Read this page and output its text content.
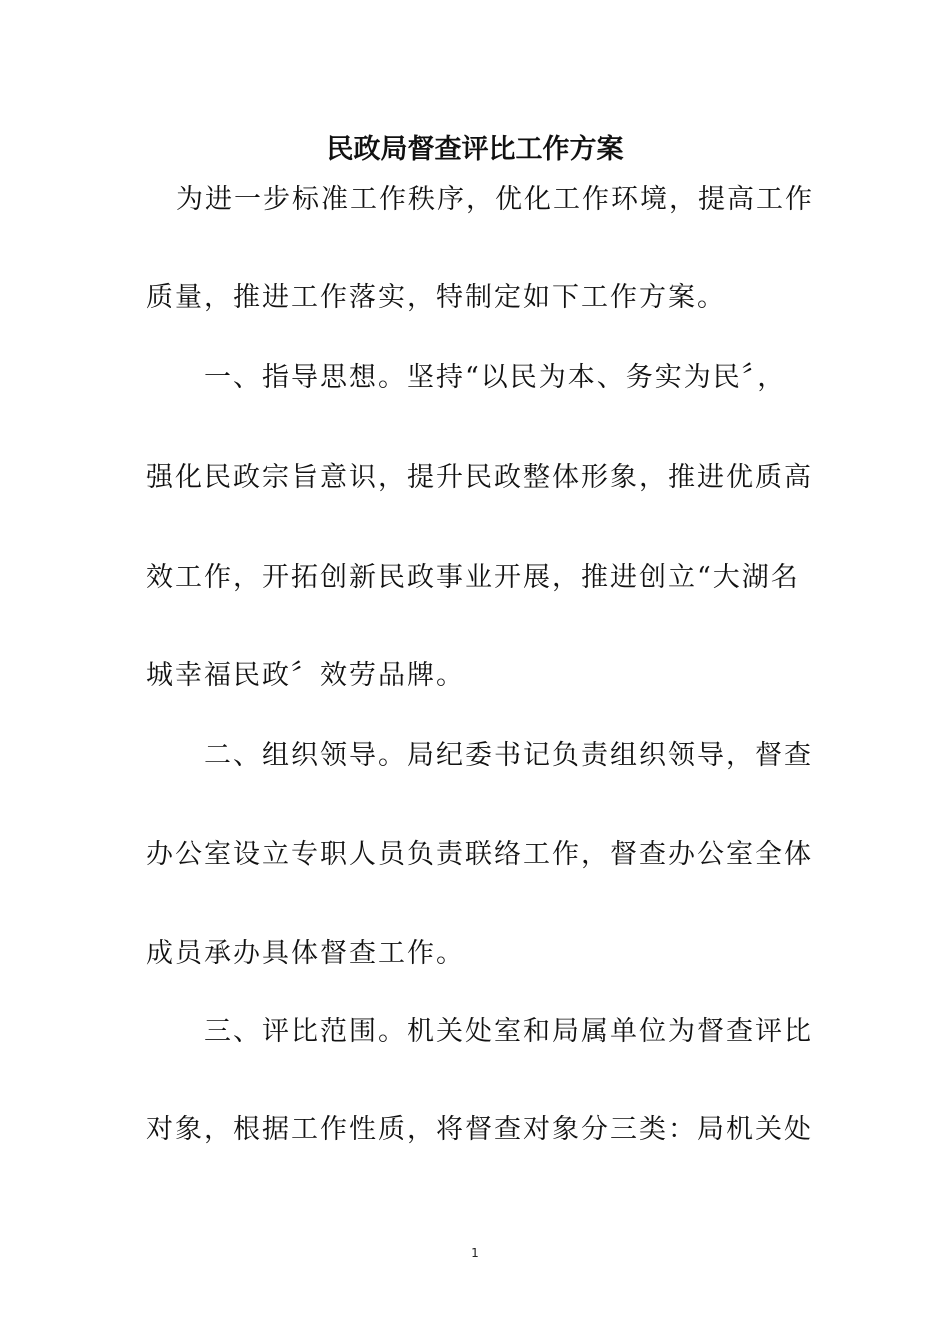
民政局督查评比工作方案

为进一步标准工作秩序，优化工作环境，提高工作

质量，推进工作落实，特制定如下工作方案。

一、指导思想。坚持“以民为本、务实为民〞，

强化民政宗旨意识，提升民政整体形象，推进优质高

效工作，开拓创新民政事业开展，推进创立“大湖名

城幸福民政〞效劳品牌。

二、组织领导。局纪委书记负责组织领导，督查

办公室设立专职人员负责联络工作，督查办公室全体

成员承办具体督查工作。

三、评比范围。机关处室和局属单位为督查评比

对象，根据工作性质，将督查对象分三类：局机关处

1
